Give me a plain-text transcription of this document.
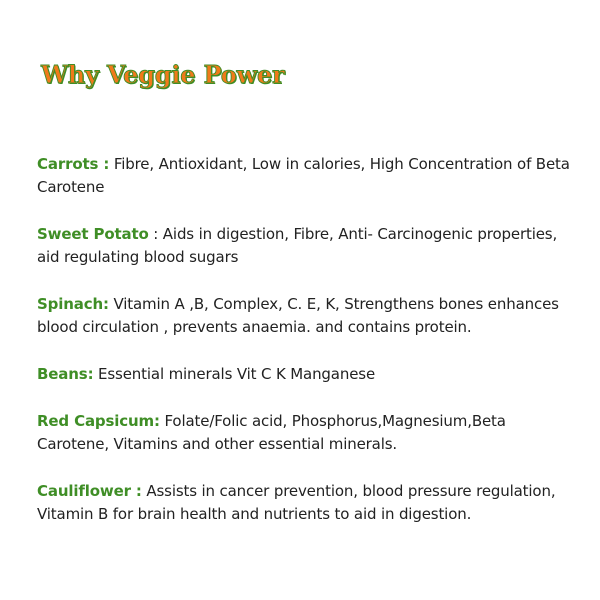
Why Veggie Power

Carrots : Fibre, Antioxidant, Low in calories, High Concentration of Beta Carotene

Sweet Potato : Aids in digestion, Fibre, Anti- Carcinogenic properties, aid regulating blood sugars

Spinach: Vitamin A ,B, Complex, C. E, K, Strengthens bones enhances blood circulation , prevents anaemia. and contains protein.

Beans: Essential minerals Vit C K Manganese

Red Capsicum: Folate/Folic acid, Phosphorus,Magnesium,Beta Carotene, Vitamins and other essential minerals.

Cauliflower : Assists in cancer prevention, blood pressure regulation, Vitamin B for brain health and nutrients to aid in digestion.
